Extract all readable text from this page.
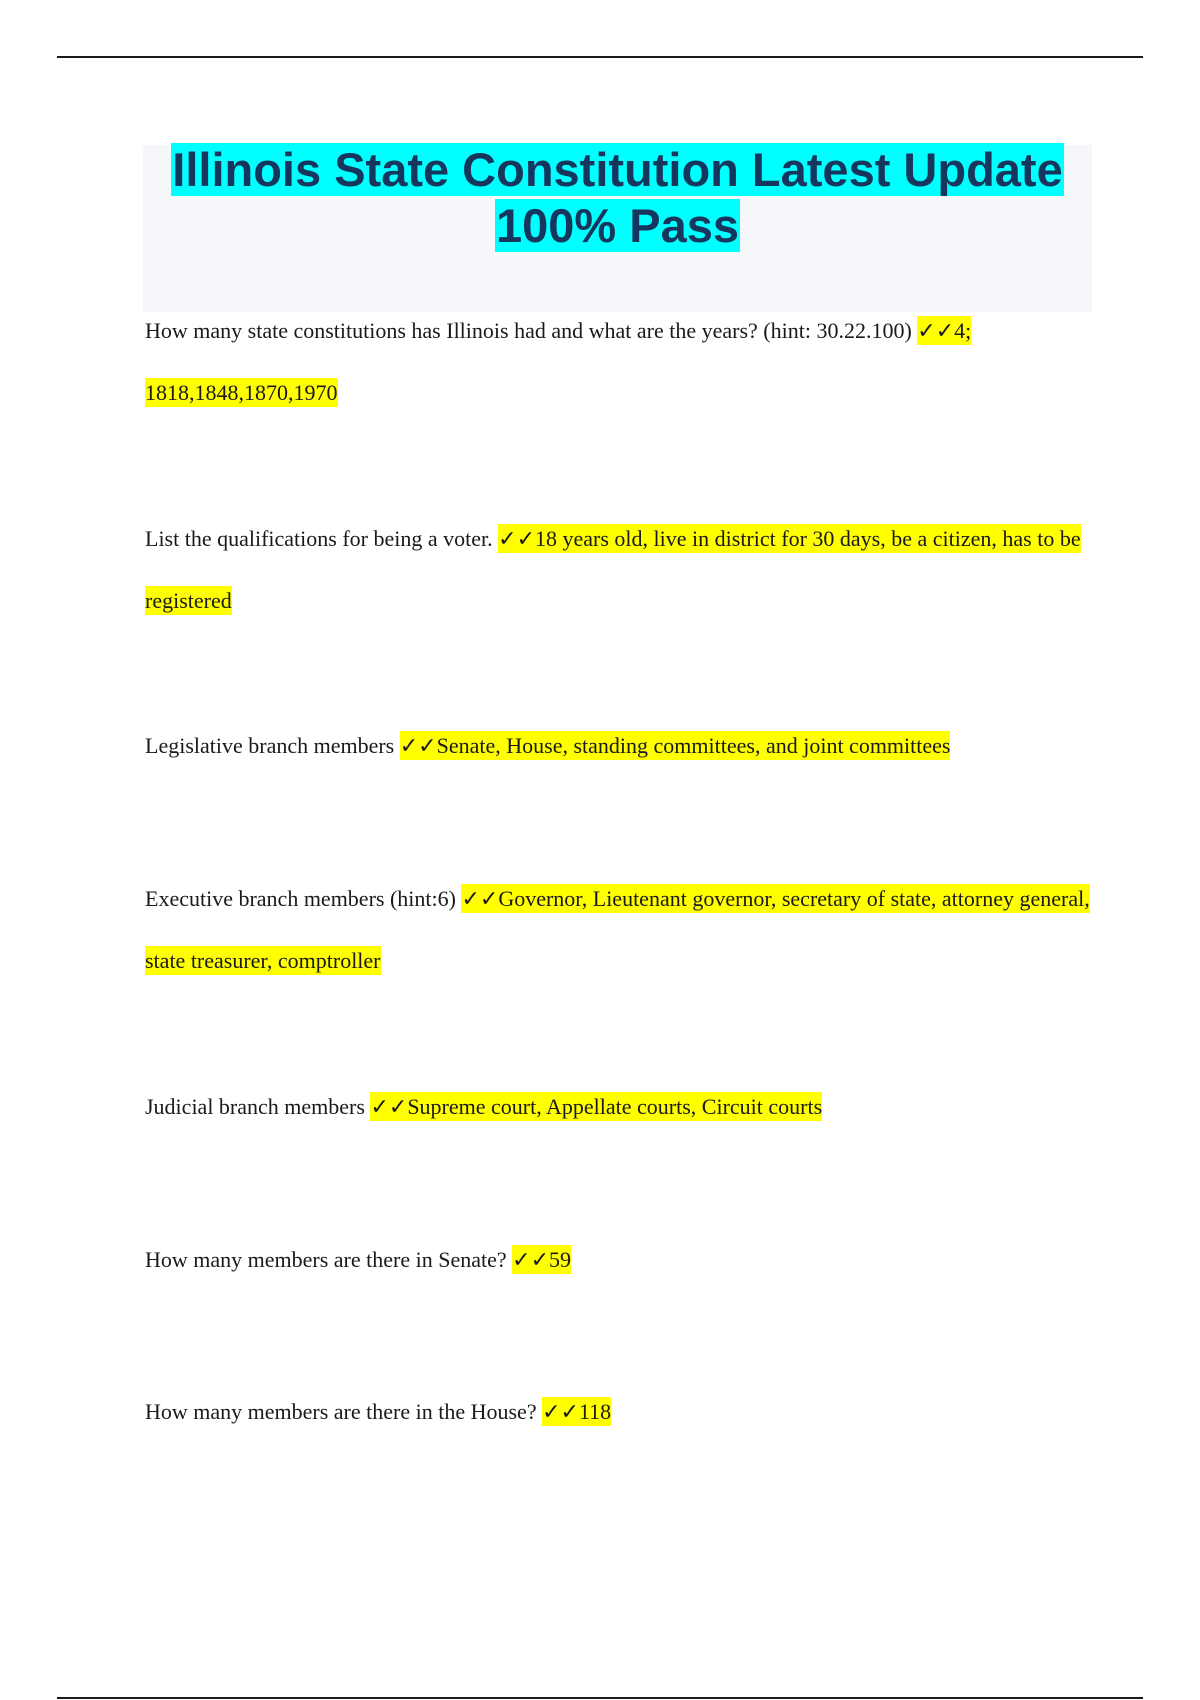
Illinois State Constitution Latest Update 100% Pass

How many state constitutions has Illinois had and what are the years? (hint: 30.22.100) ✓✓4; 1818,1848,1870,1970

List the qualifications for being a voter. ✓✓18 years old, live in district for 30 days, be a citizen, has to be registered

Legislative branch members ✓✓Senate, House, standing committees, and joint committees

Executive branch members (hint:6) ✓✓Governor, Lieutenant governor, secretary of state, attorney general, state treasurer, comptroller

Judicial branch members ✓✓Supreme court, Appellate courts, Circuit courts

How many members are there in Senate? ✓✓59

How many members are there in the House? ✓✓118
